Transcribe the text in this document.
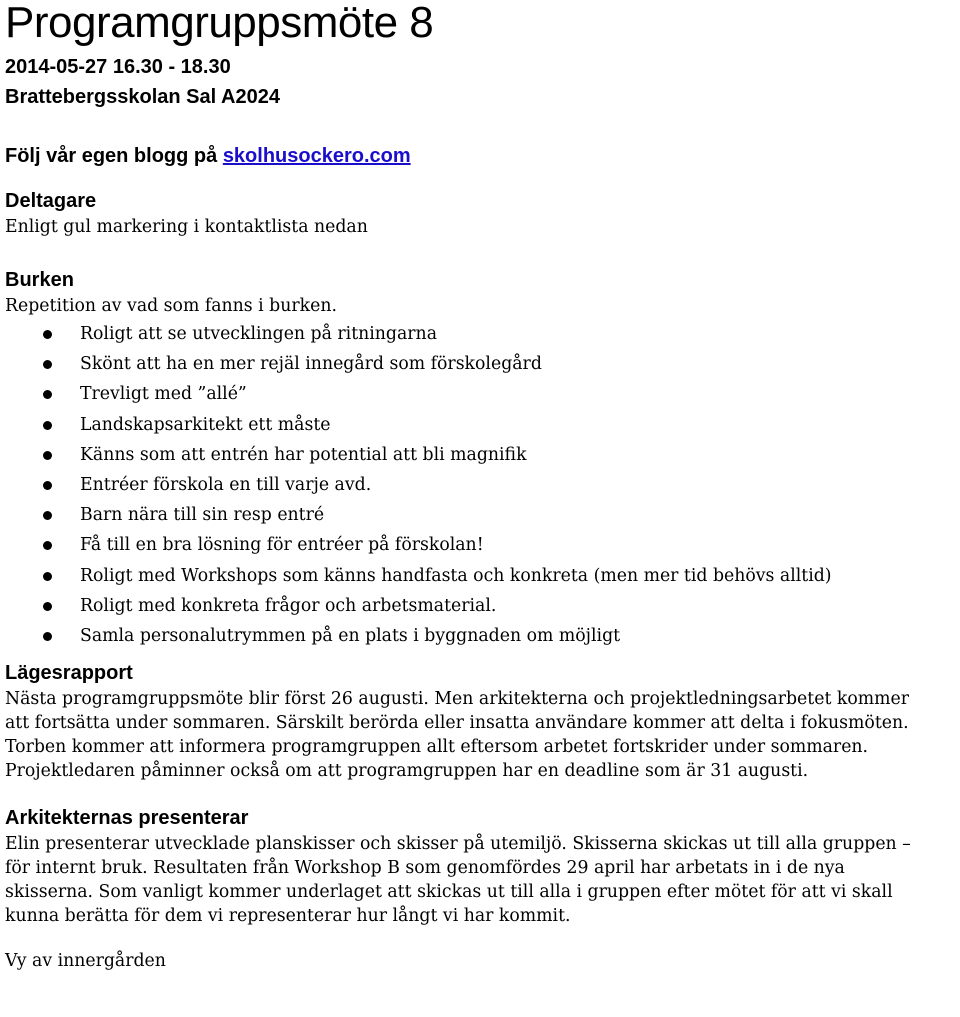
Programgruppsmöte 8

2014-05-27 16.30 - 18.30

Brattebergsskolan Sal A2024

Följ vår egen blogg på skolhusockero.com

Deltagare

Enligt gul markering i kontaktlista nedan

Burken

Repetition av vad som fanns i burken.

Roligt att se utvecklingen på ritningarna
Skönt att ha en mer rejäl innegård som förskolegård
Trevligt med ”allé”
Landskapsarkitekt ett måste
Känns som att entrén har potential att bli magnifik
Entréer förskola en till varje avd.
Barn nära till sin resp entré
Få till en bra lösning för entréer på förskolan!
Roligt med Workshops som känns handfasta och konkreta (men mer tid behövs alltid)
Roligt med konkreta frågor och arbetsmaterial.
Samla personalutrymmen på en plats i byggnaden om möjligt
Lägesrapport

Nästa programgruppsmöte blir först 26 augusti. Men arkitekterna och projektledningsarbetet kommer

att fortsätta under sommaren. Särskilt berörda eller insatta användare kommer att delta i fokusmöten.

Torben kommer att informera programgruppen allt eftersom arbetet fortskrider under sommaren.

Projektledaren påminner också om att programgruppen har en deadline som är 31 augusti.

Arkitekternas presenterar

Elin presenterar utvecklade planskisser och skisser på utemiljö. Skisserna skickas ut till alla gruppen –

för internt bruk. Resultaten från Workshop B som genomfördes 29 april har arbetats in i de nya

skisserna. Som vanligt kommer underlaget att skickas ut till alla i gruppen efter mötet för att vi skall

kunna berätta för dem vi representerar hur långt vi har kommit.

Vy av innergården
